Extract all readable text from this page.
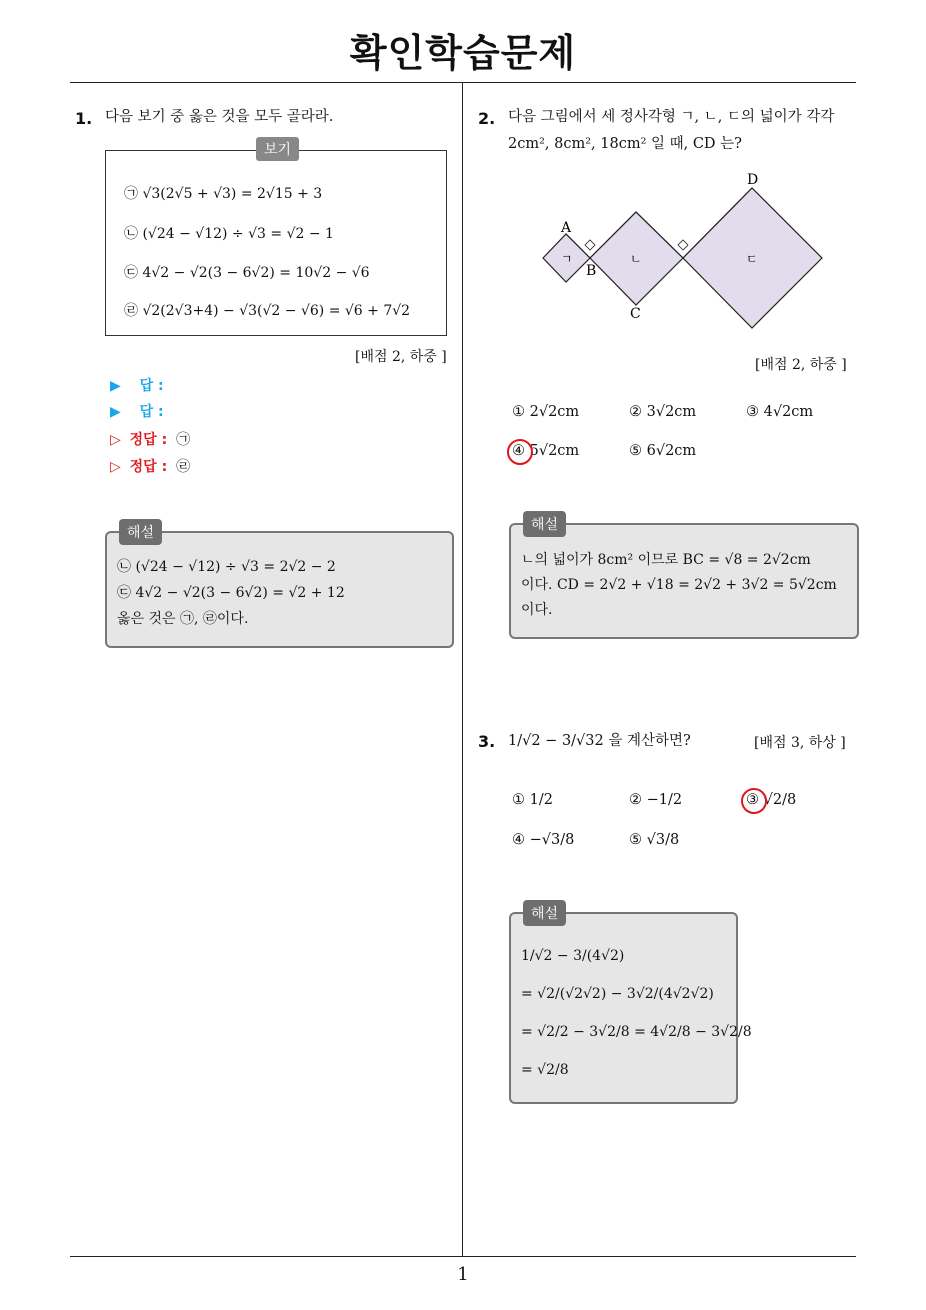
확인학습문제
1. 다음 보기 중 옳은 것을 모두 골라라.
보기
㉠ √3(2√5 + √3) = 2√15 + 3
㉡ (√24 − √12) ÷ √3 = √2 − 1
㉢ 4√2 − √2(3 − 6√2) = 10√2 − √6
㉣ √2(2√3+4) − √3(√2 − √6) = √6 + 7√2
[배점 2, 하중 ]
▶ 답 :
▶ 답 :
▷ 정답 : ㉠
▷ 정답 : ㉣
해설
㉡ (√24 − √12) ÷ √3 = 2√2 − 2
㉢ 4√2 − √2(3 − 6√2) = √2 + 12
옳은 것은 ㉠, ㉣이다.
2. 다음 그림에서 세 정사각형 ㄱ, ㄴ, ㄷ의 넓이가 각각
2cm², 8cm², 18cm² 일 때, CD 는?
A
B
C
D
ㄱ	ㄴ	ㄷ
[배점 2, 하중 ]
① 2√2cm	② 3√2cm	③ 4√2cm
④ 5√2cm	⑤ 6√2cm
해설
ㄴ의 넓이가 8cm² 이므로 BC = √8 = 2√2cm
이다. CD = 2√2 + √18 = 2√2 + 3√2 = 5√2cm
이다.
3. 1/√2 − 3/√32 을 계산하면?	[배점 3, 하상 ]
① 1/2	② −1/2	③ √2/8
④ −√3/8	⑤ √3/8
해설
1/√2 − 3/(4√2)
= √2/(√2√2) − 3√2/(4√2√2)
= √2/2 − 3√2/8 = 4√2/8 − 3√2/8
= √2/8
1
